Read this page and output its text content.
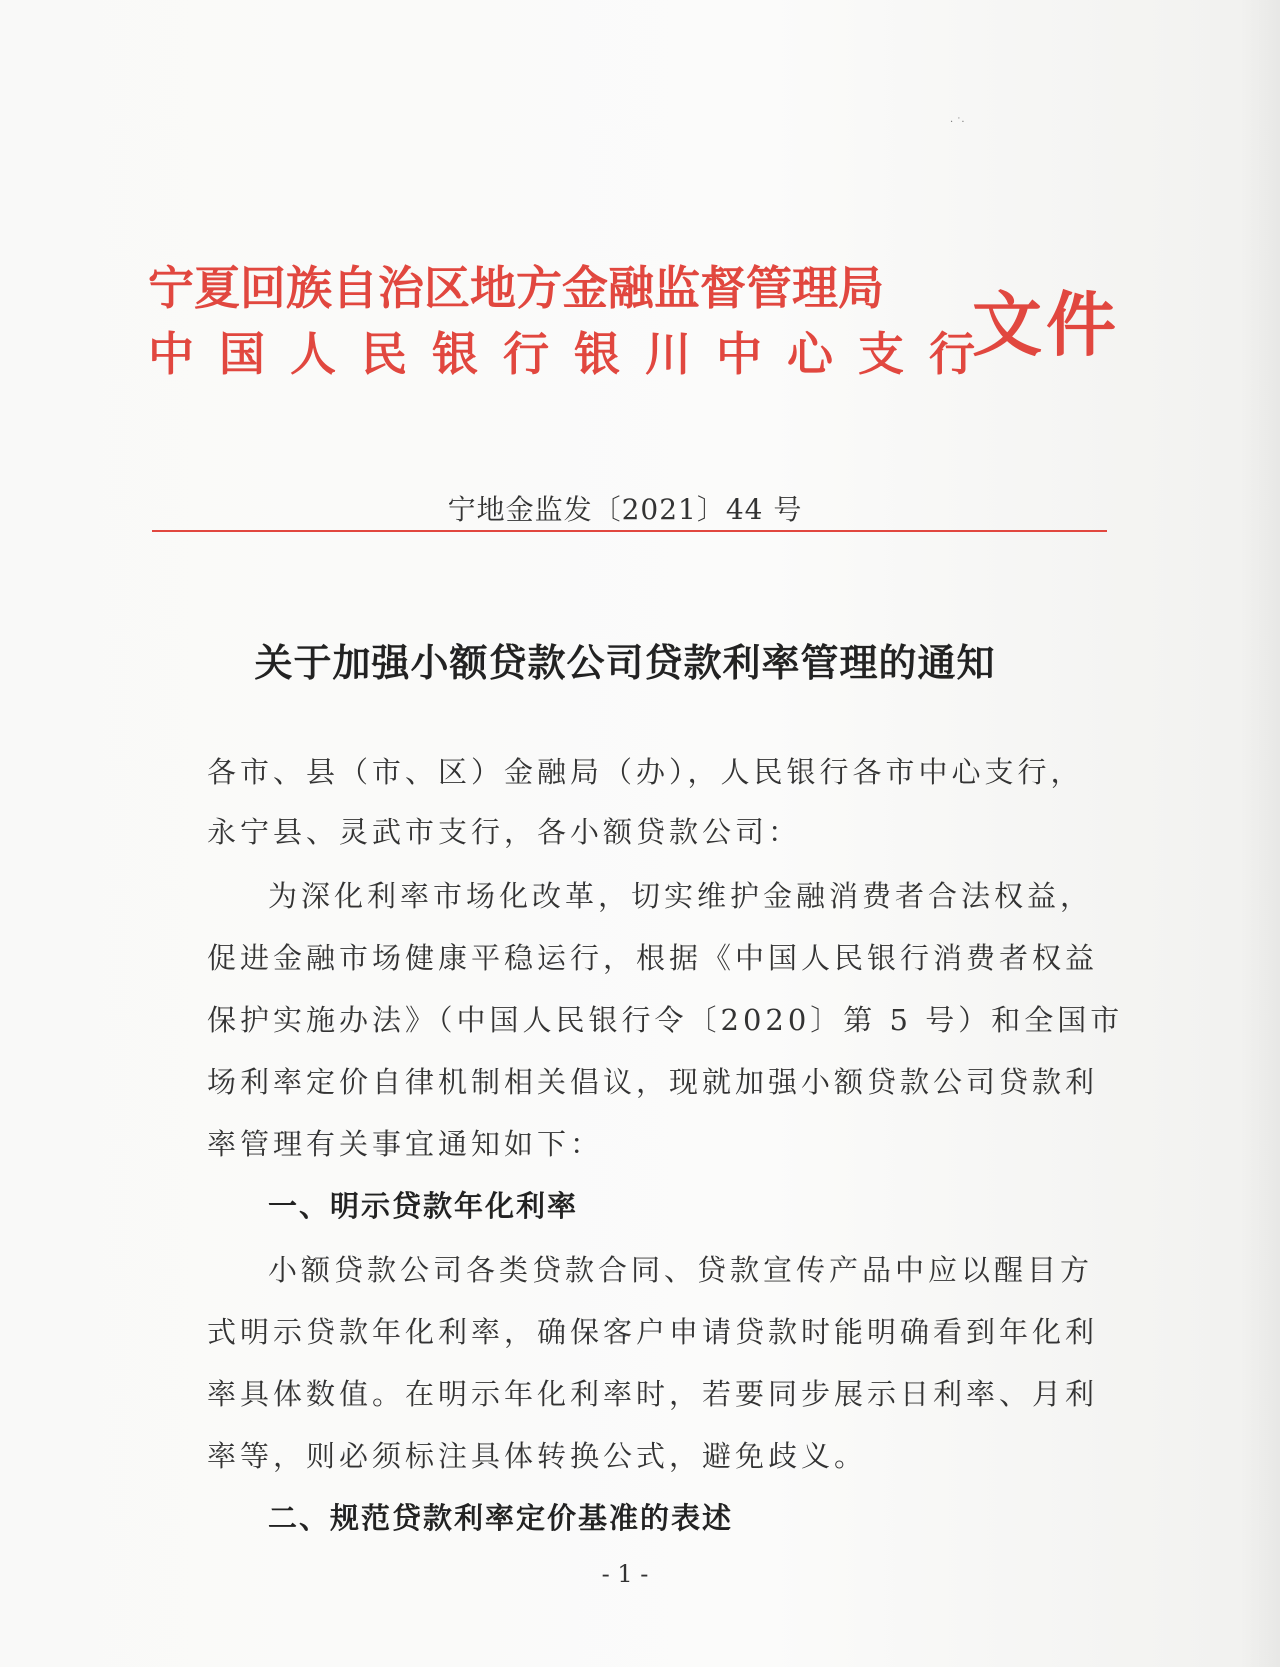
· ˙·
宁夏回族自治区地方金融监督管理局
中国人民银行银川中心支行
文件
宁地金监发〔2021〕44 号
关于加强小额贷款公司贷款利率管理的通知
各市、县（市、区）金融局（办），人民银行各市中心支行，
永宁县、灵武市支行，各小额贷款公司：
为深化利率市场化改革，切实维护金融消费者合法权益，
促进金融市场健康平稳运行，根据《中国人民银行消费者权益
保护实施办法》（中国人民银行令〔2020〕第 5 号）和全国市
场利率定价自律机制相关倡议，现就加强小额贷款公司贷款利
率管理有关事宜通知如下：
一、明示贷款年化利率
小额贷款公司各类贷款合同、贷款宣传产品中应以醒目方
式明示贷款年化利率，确保客户申请贷款时能明确看到年化利
率具体数值。在明示年化利率时，若要同步展示日利率、月利
率等，则必须标注具体转换公式，避免歧义。
二、规范贷款利率定价基准的表述
- 1 -
